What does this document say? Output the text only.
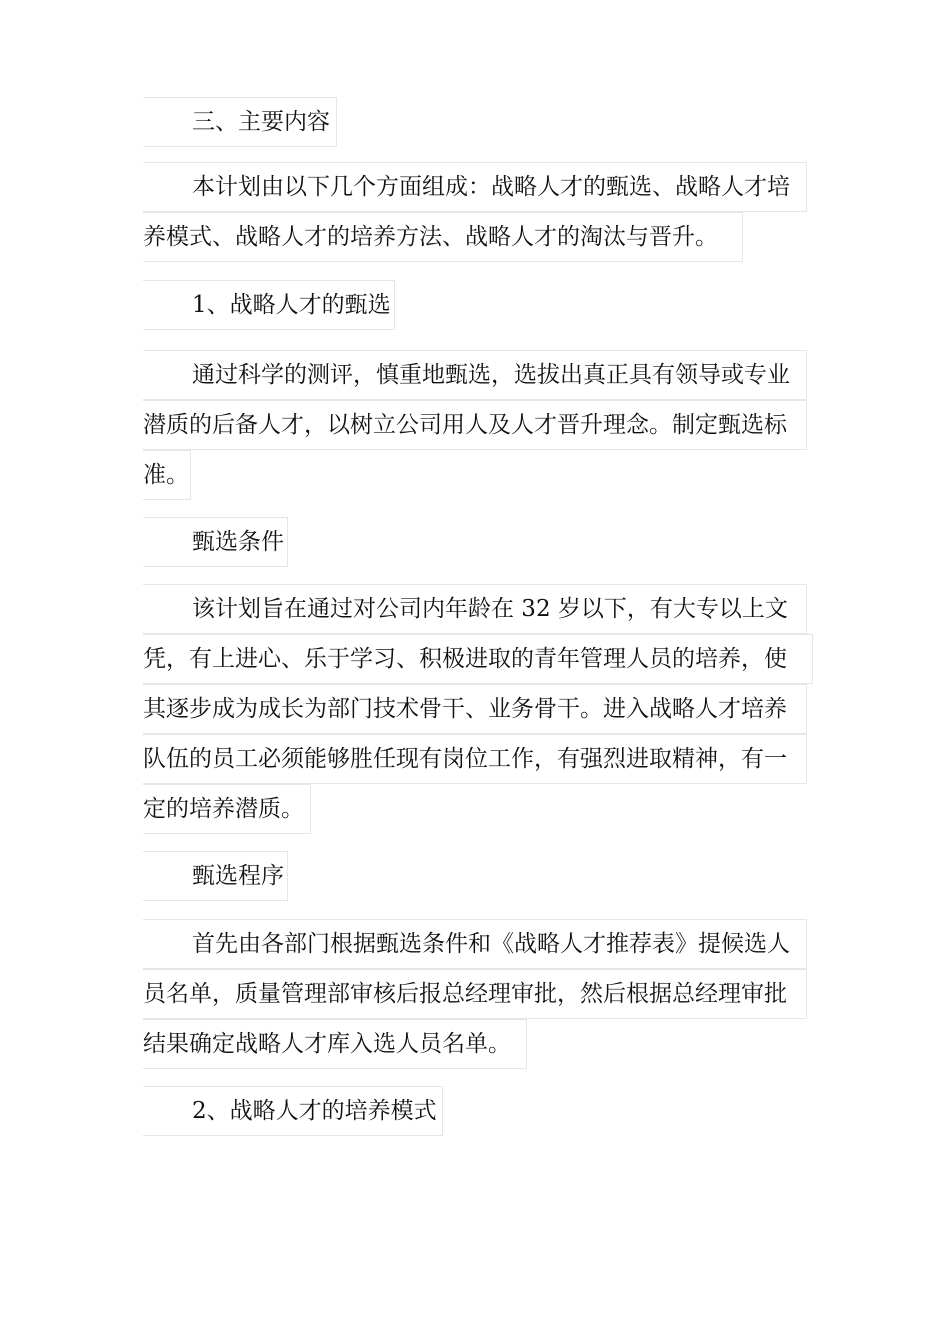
三、主要内容
本计划由以下几个方面组成：战略人才的甄选、战略人才培
养模式、战略人才的培养方法、战略人才的淘汰与晋升。
1、战略人才的甄选
通过科学的测评，慎重地甄选，选拔出真正具有领导或专业
潜质的后备人才，以树立公司用人及人才晋升理念。制定甄选标
准。
甄选条件
该计划旨在通过对公司内年龄在 32 岁以下，有大专以上文
凭，有上进心、乐于学习、积极进取的青年管理人员的培养，使
其逐步成为成长为部门技术骨干、业务骨干。进入战略人才培养
队伍的员工必须能够胜任现有岗位工作，有强烈进取精神，有一
定的培养潜质。
甄选程序
首先由各部门根据甄选条件和《战略人才推荐表》提候选人
员名单，质量管理部审核后报总经理审批，然后根据总经理审批
结果确定战略人才库入选人员名单。
2、战略人才的培养模式
